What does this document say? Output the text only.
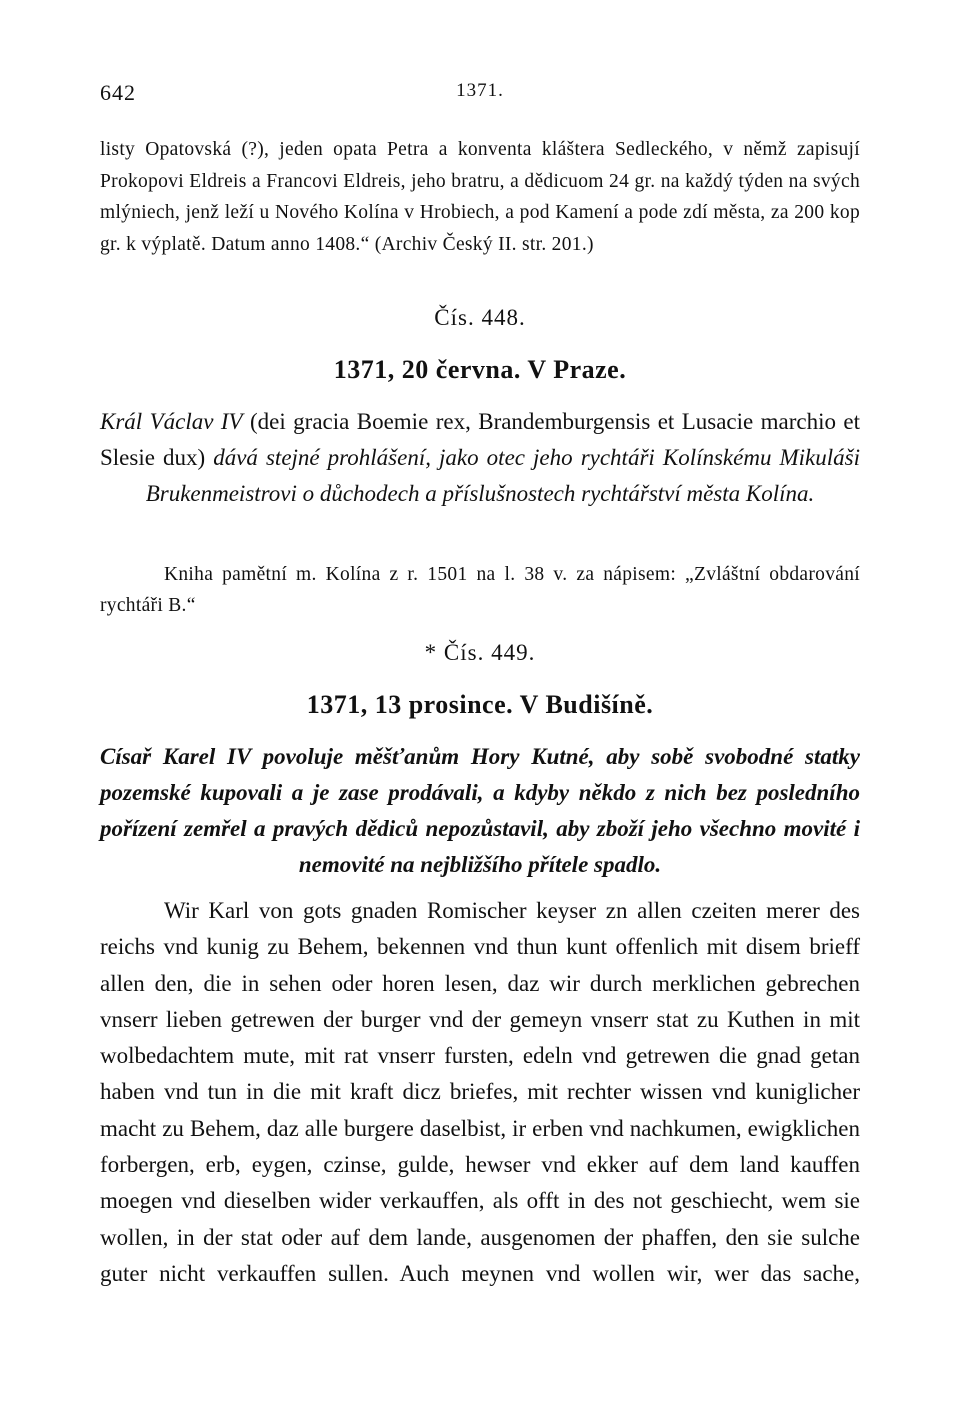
642	1371.

listy Opatovská (?), jeden opata Petra a konventa kláštera Sedleckého, v němž zapisují Prokopovi Eldreis a Francovi Eldreis, jeho bratru, a dědicuom 24 gr. na každý týden na svých mlýniech, jenž leží u Nového Kolína v Hrobiech, a pod Kamení a pode zdí města, za 200 kop gr. k výplatě. Datum anno 1408.“ (Archiv Český II. str. 201.)

Čís. 448.
1371, 20 června. V Praze.

Král Václav IV (dei gracia Boemie rex, Brandemburgensis et Lusacie marchio et Slesie dux) dává stejné prohlášení, jako otec jeho rychtáři Kolínskému Mikuláši Brukenmeistrovi o důchodech a příslušnostech rychtářství města Kolína.

Kniha pamětní m. Kolína z r. 1501 na l. 38 v. za nápisem: „Zvláštní obdarování rychtáři B.“

* Čís. 449.
1371, 13 prosince. V Budišíně.

Císař Karel IV povoluje měšťanům Hory Kutné, aby sobě svobodné statky pozemské kupovali a je zase prodávali, a kdyby někdo z nich bez posledního pořízení zemřel a pravých dědiců nepozůstavil, aby zboží jeho všechno movité i nemovité na nejbližšího přítele spadlo.

Wir Karl von gots gnaden Romischer keyser zn allen czeiten merer des reichs vnd kunig zu Behem, bekennen vnd thun kunt offenlich mit disem brieff allen den, die in sehen oder horen lesen, daz wir durch merklichen gebrechen vnserr lieben getrewen der burger vnd der gemeyn vnserr stat zu Kuthen in mit wolbedachtem mute, mit rat vnserr fursten, edeln vnd getrewen die gnad getan haben vnd tun in die mit kraft dicz briefes, mit rechter wissen vnd kuniglicher macht zu Behem, daz alle burgere daselbist, ir erben vnd nachkumen, ewigklichen forbergen, erb, eygen, czinse, gulde, hewser vnd ekker auf dem land kauffen moegen vnd dieselben wider verkauffen, als offt in des not geschiecht, wem sie wollen, in der stat oder auf dem lande, ausgenomen der phaffen, den sie sulche guter nicht verkauffen sullen. Auch meynen vnd wollen wir, wer das sache,
